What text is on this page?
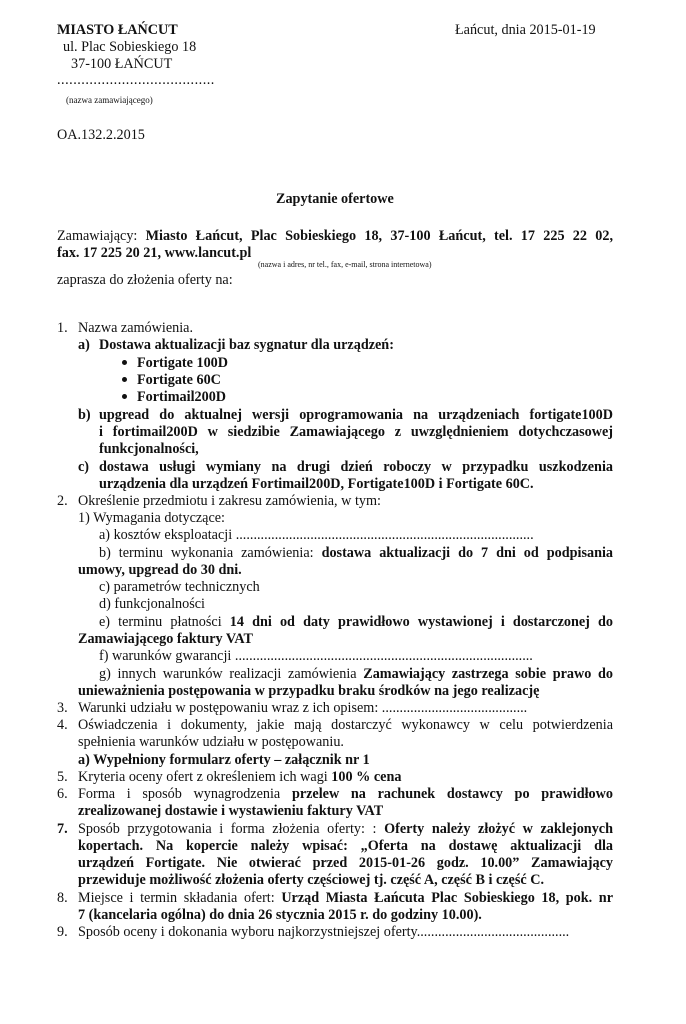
MIASTO ŁAŃCUT
ul. Plac Sobieskiego 18
37-100 ŁAŃCUT
.......................................
(nazwa zamawiającego)
Łańcut, dnia 2015-01-19
OA.132.2.2015
Zapytanie ofertowe
Zamawiający: Miasto Łańcut, Plac Sobieskiego 18, 37-100 Łańcut, tel. 17 225 22 02,
fax. 17 225 20 21, www.lancut.pl
(nazwa i adres, nr tel., fax, e-mail, strona internetowa)
zaprasza do złożenia oferty na:
1. Nazwa zamówienia.
a) Dostawa aktualizacji baz sygnatur dla urządzeń:
Fortigate 100D
Fortigate 60C
Fortimail200D
b) upgread do aktualnej wersji oprogramowania na urządzeniach fortigate100D
i fortimail200D w siedzibie Zamawiającego z uwzględnieniem dotychczasowej
funkcjonalności,
c) dostawa usługi wymiany na drugi dzień roboczy w przypadku uszkodzenia
urządzenia dla urządzeń Fortimail200D, Fortigate100D i Fortigate 60C.
2. Określenie przedmiotu i zakresu zamówienia, w tym:
1) Wymagania dotyczące:
a) kosztów eksploatacji ....................................................................................
b) terminu wykonania zamówienia: dostawa aktualizacji do 7 dni od podpisania
umowy, upgread do 30 dni.
c) parametrów technicznych
d) funkcjonalności
e) terminu płatności 14 dni od daty prawidłowo wystawionej i dostarczonej do
Zamawiającego faktury VAT
f) warunków gwarancji ....................................................................................
g) innych warunków realizacji zamówienia Zamawiający zastrzega sobie prawo do
unieważnienia postępowania w przypadku braku środków na jego realizację
3. Warunki udziału w postępowaniu wraz z ich opisem: .........................................
4. Oświadczenia i dokumenty, jakie mają dostarczyć wykonawcy w celu potwierdzenia
spełnienia warunków udziału w postępowaniu.
a) Wypełniony formularz oferty – załącznik nr 1
5. Kryteria oceny ofert z określeniem ich wagi 100 % cena
6. Forma i sposób wynagrodzenia przelew na rachunek dostawcy po prawidłowo
zrealizowanej dostawie i wystawieniu faktury VAT
7. Sposób przygotowania i forma złożenia oferty: : Oferty należy złożyć w zaklejonych
kopertach. Na kopercie należy wpisać: „Oferta na dostawę aktualizacji dla
urządzeń Fortigate. Nie otwierać przed 2015-01-26 godz. 10.00” Zamawiający
przewiduje możliwość złożenia oferty częściowej tj. część A, część B i część C.
8. Miejsce i termin składania ofert: Urząd Miasta Łańcuta Plac Sobieskiego 18, pok. nr
7 (kancelaria ogólna) do dnia 26 stycznia 2015 r. do godziny 10.00).
9. Sposób oceny i dokonania wyboru najkorzystniejszej oferty...........................................
